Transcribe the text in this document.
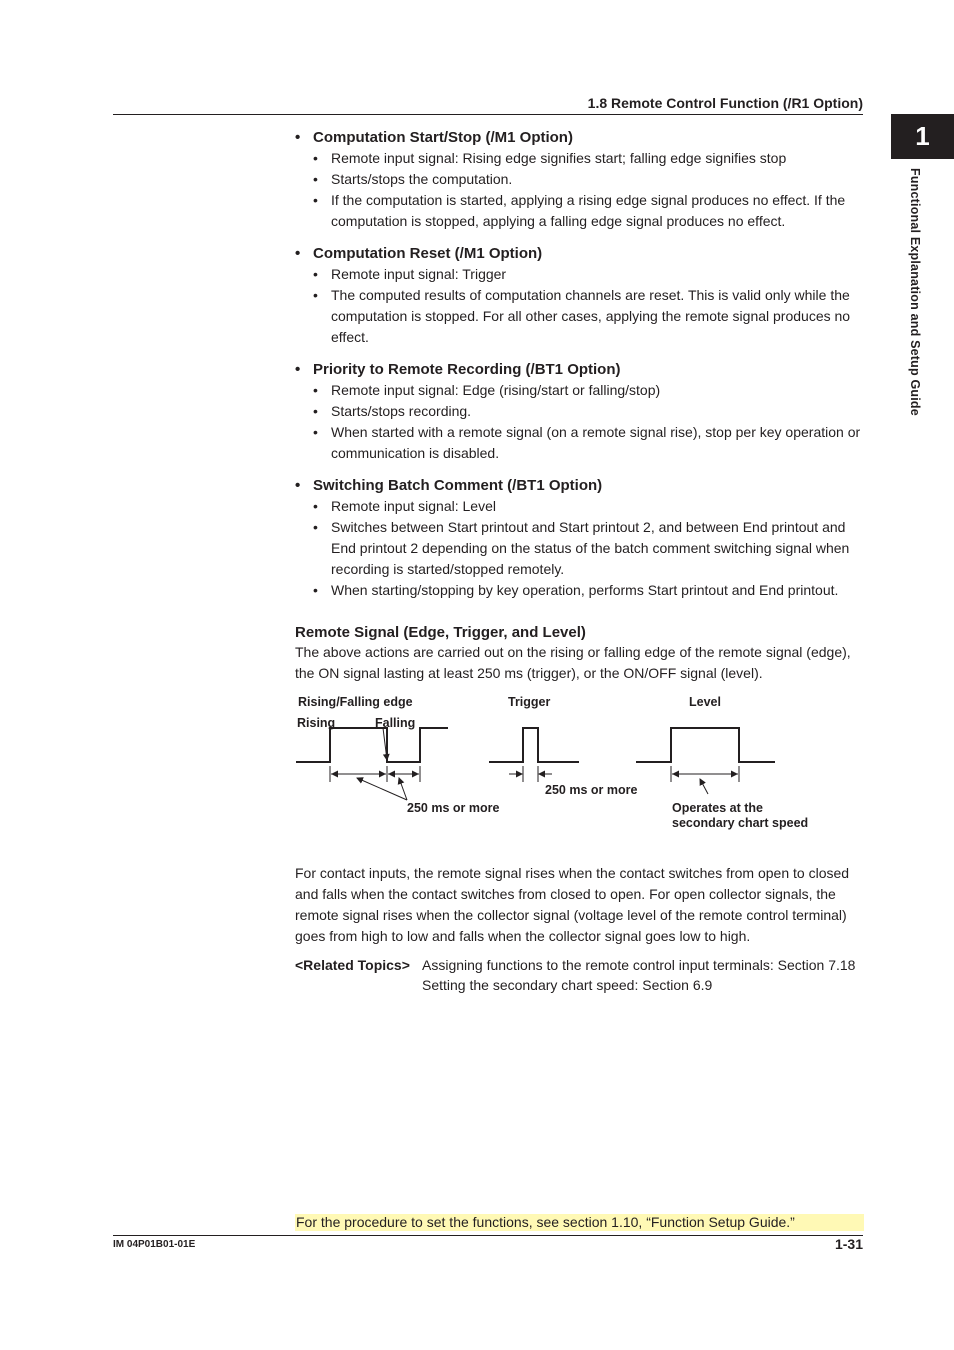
1.8 Remote Control Function (/R1 Option)
1
Functional Explanation and Setup Guide
• Computation Start/Stop (/M1 Option)
• Remote input signal: Rising edge signifies start; falling edge signifies stop
• Starts/stops the computation.
• If the computation is started, applying a rising edge signal produces no effect. If the computation is stopped, applying a falling edge signal produces no effect.
• Computation Reset (/M1 Option)
• Remote input signal: Trigger
• The computed results of computation channels are reset. This is valid only while the computation is stopped. For all other cases, applying the remote signal produces no effect.
• Priority to Remote Recording (/BT1 Option)
• Remote input signal: Edge (rising/start or falling/stop)
• Starts/stops recording.
• When started with a remote signal (on a remote signal rise), stop per key operation or communication is disabled.
• Switching Batch Comment (/BT1 Option)
• Remote input signal: Level
• Switches between Start printout and Start printout 2, and between End printout and End printout 2 depending on the status of the batch comment switching signal when recording is started/stopped remotely.
• When starting/stopping by key operation, performs Start printout and End printout.
Remote Signal (Edge, Trigger, and Level)

The above actions are carried out on the rising or falling edge of the remote signal (edge), the ON signal lasting at least 250 ms (trigger), or the ON/OFF signal (level).

Rising/Falling edge
Rising	Falling
Trigger	Level
250 ms or more
250 ms or more
Operates at the
secondary chart speed

For contact inputs, the remote signal rises when the contact switches from open to closed and falls when the contact switches from closed to open. For open collector signals, the remote signal rises when the collector signal (voltage level of the remote control terminal) goes from high to low and falls when the collector signal goes low to high.

<Related Topics> Assigning functions to the remote control input terminals: Section 7.18
Setting the secondary chart speed: Section 6.9
For the procedure to set the functions, see section 1.10, “Function Setup Guide.”
IM 04P01B01-01E	1-31
